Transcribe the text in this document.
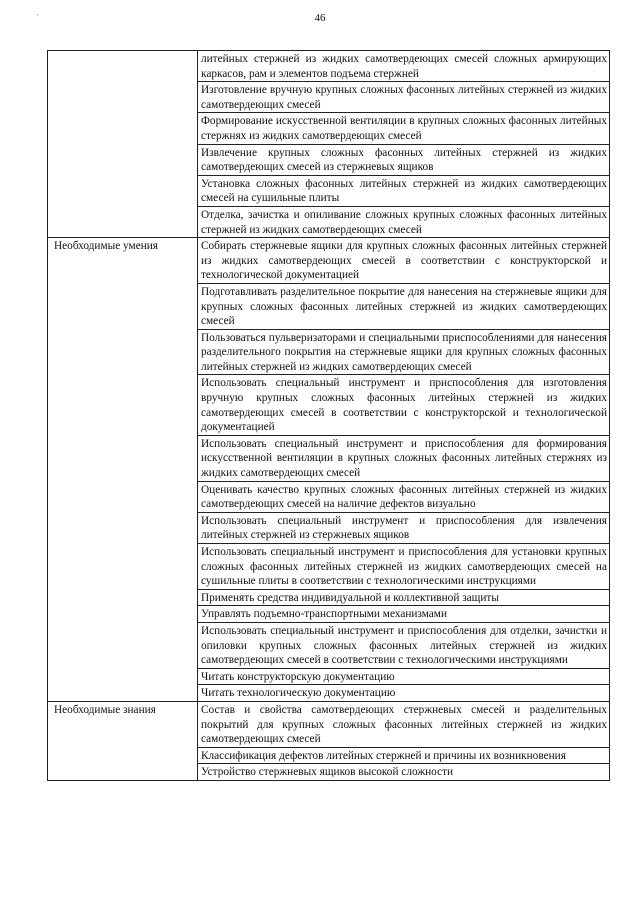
'	46
	литейных стержней из жидких самотвердеющих смесей сложных армирующих каркасов, рам и элементов подъема стержней
	Изготовление вручную крупных сложных фасонных литейных стержней из жидких самотвердеющих смесей
	Формирование искусственной вентиляции в крупных сложных фасонных литейных стержнях из жидких самотвердеющих смесей
	Извлечение крупных сложных фасонных литейных стержней из жидких самотвердеющих смесей из стержневых ящиков
	Установка сложных фасонных литейных стержней из жидких самотвердеющих смесей на сушильные плиты
	Отделка, зачистка и опиливание сложных крупных сложных фасонных литейных стержней из жидких самотвердеющих смесей
Необходимые умения	Собирать стержневые ящики для крупных сложных фасонных литейных стержней из жидких самотвердеющих смесей в соответствии с конструкторской и технологической документацией
	Подготавливать разделительное покрытие для нанесения на стержневые ящики для крупных сложных фасонных литейных стержней из жидких самотвердеющих смесей
	Пользоваться пульверизаторами и специальными приспособлениями для нанесения разделительного покрытия на стержневые ящики для крупных сложных фасонных литейных стержней из жидких самотвердеющих смесей
	Использовать специальный инструмент и приспособления для изготовления вручную крупных сложных фасонных литейных стержней из жидких самотвердеющих смесей в соответствии с конструкторской и технологической документацией
	Использовать специальный инструмент и приспособления для формирования искусственной вентиляции в крупных сложных фасонных литейных стержнях из жидких самотвердеющих смесей
	Оценивать качество крупных сложных фасонных литейных стержней из жидких самотвердеющих смесей на наличие дефектов визуально
	Использовать специальный инструмент и приспособления для извлечения литейных стержней из стержневых ящиков
	Использовать специальный инструмент и приспособления для установки крупных сложных фасонных литейных стержней из жидких самотвердеющих смесей на сушильные плиты в соответствии с технологическими инструкциями
	Применять средства индивидуальной и коллективной защиты
	Управлять подъемно-транспортными механизмами
	Использовать специальный инструмент и приспособления для отделки, зачистки и опиловки крупных сложных фасонных литейных стержней из жидких самотвердеющих смесей в соответствии с технологическими инструкциями
	Читать конструкторскую документацию
	Читать технологическую документацию
Необходимые знания	Состав и свойства самотвердеющих стержневых смесей и разделительных покрытий для крупных сложных фасонных литейных стержней из жидких самотвердеющих смесей
	Классификация дефектов литейных стержней и причины их возникновения
	Устройство стержневых ящиков высокой сложности
